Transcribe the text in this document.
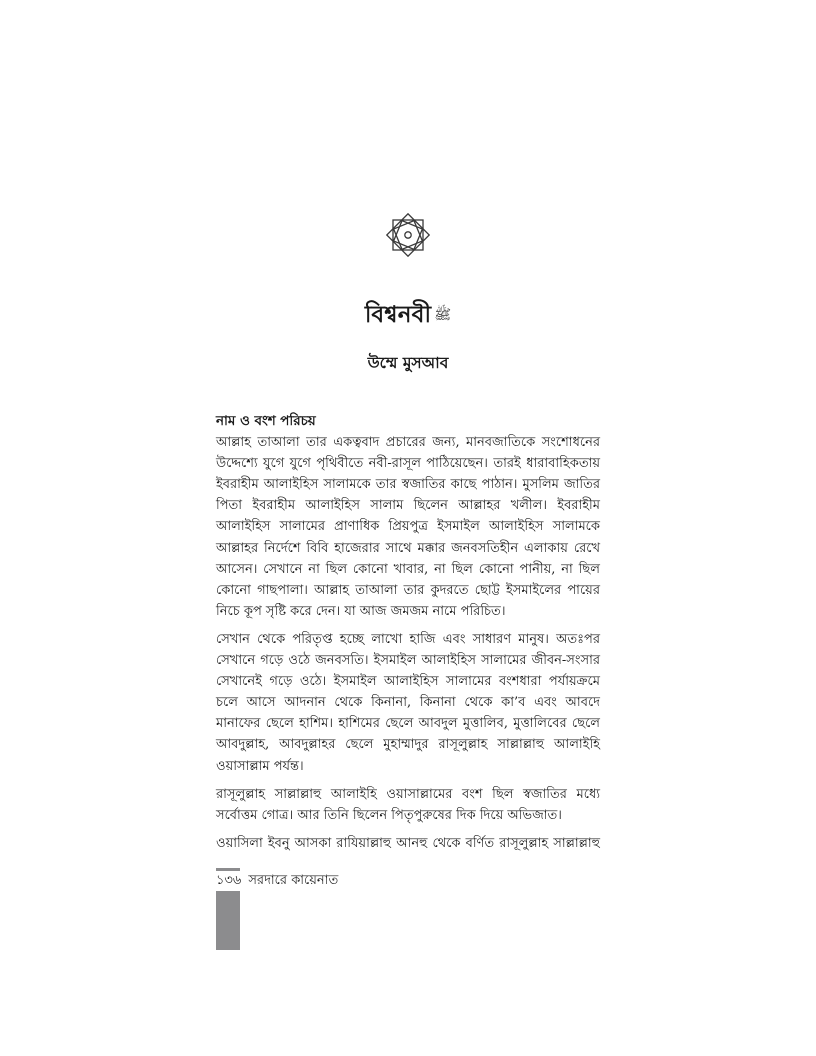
বিশ্বনবী ﷺ
উম্মে মুসআব

নাম ও বংশ পরিচয়

আল্লাহ তাআলা তার একত্ববাদ প্রচারের জন্য, মানবজাতিকে সংশোধনের উদ্দেশ্যে যুগে যুগে পৃথিবীতে নবী-রাসূল পাঠিয়েছেন। তারই ধারাবাহিকতায় ইবরাহীম আলাইহিস সালামকে তার স্বজাতির কাছে পাঠান। মুসলিম জাতির পিতা ইবরাহীম আলাইহিস সালাম ছিলেন আল্লাহর খলীল। ইবরাহীম আলাইহিস সালামের প্রাণাধিক প্রিয়পুত্র ইসমাইল আলাইহিস সালামকে আল্লাহর নির্দেশে বিবি হাজেরার সাথে মক্কার জনবসতিহীন এলাকায় রেখে আসেন। সেখানে না ছিল কোনো খাবার, না ছিল কোনো পানীয়, না ছিল কোনো গাছপালা। আল্লাহ তাআলা তার কুদরতে ছোট্ট ইসমাইলের পায়ের নিচে কূপ সৃষ্টি করে দেন। যা আজ জমজম নামে পরিচিত।

সেখান থেকে পরিতৃপ্ত হচ্ছে লাখো হাজি এবং সাধারণ মানুষ। অতঃপর সেখানে গড়ে ওঠে জনবসতি। ইসমাইল আলাইহিস সালামের জীবন-সংসার সেখানেই গড়ে ওঠে। ইসমাইল আলাইহিস সালামের বংশধারা পর্যায়ক্রমে চলে আসে আদনান থেকে কিনানা, কিনানা থেকে কা’ব এবং আবদে মানাফের ছেলে হাশিম। হাশিমের ছেলে আবদুল মুত্তালিব, মুত্তালিবের ছেলে আবদুল্লাহ, আবদুল্লাহর ছেলে মুহাম্মাদুর রাসূলুল্লাহ সাল্লাল্লাহু আলাইহি ওয়াসাল্লাম পর্যন্ত।

রাসূলুল্লাহ সাল্লাল্লাহু আলাইহি ওয়াসাল্লামের বংশ ছিল স্বজাতির মধ্যে সর্বোত্তম গোত্র। আর তিনি ছিলেন পিতৃপুরুষের দিক দিয়ে অভিজাত।

ওয়াসিলা ইবনু আসকা রাযিয়াল্লাহু আনহু থেকে বর্ণিত রাসূলুল্লাহ সাল্লাল্লাহু

১৩৬ সরদারে কায়েনাত
